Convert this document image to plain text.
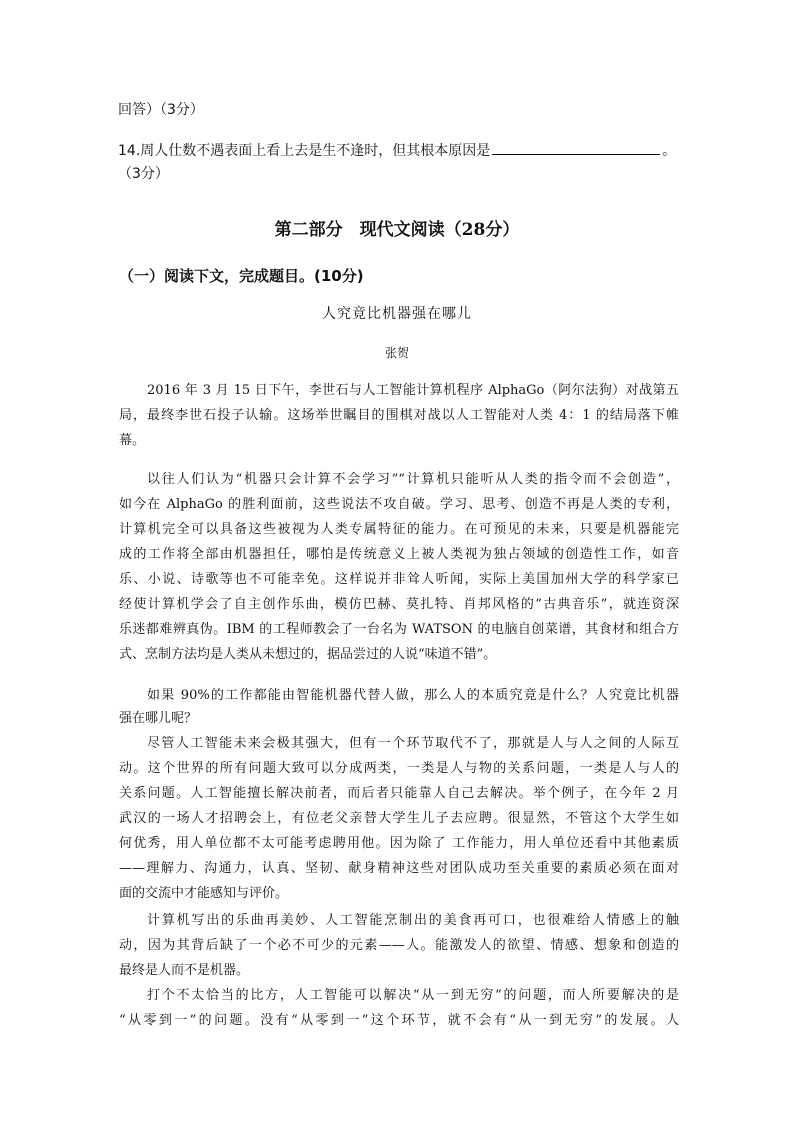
回答）（3分）
14.周人仕数不遇表面上看上去是生不逢时，但其根本原因是	。
（3分）
第二部分　现代文阅读（28分）
（一）阅读下文，完成题目。(10分)
人究竟比机器强在哪儿
张贺
2016 年 3 月 15 日下午，李世石与人工智能计算机程序 AlphaGo（阿尔法狗）对战第五
局，最终李世石投子认输。这场举世瞩目的围棋对战以人工智能对人类 4：1 的结局落下帷
幕。
以往人们认为“机器只会计算不会学习”“计算机只能听从人类的指令而不会创造”，
如今在 AlphaGo 的胜利面前，这些说法不攻自破。学习、思考、创造不再是人类的专利，
计算机完全可以具备这些被视为人类专属特征的能力。在可预见的未来，只要是机器能完
成的工作将全部由机器担任，哪怕是传统意义上被人类视为独占领域的创造性工作，如音
乐、小说、诗歌等也不可能幸免。这样说并非耸人听闻，实际上美国加州大学的科学家已
经使计算机学会了自主创作乐曲，模仿巴赫、莫扎特、肖邦风格的“古典音乐”，就连资深
乐迷都难辨真伪。IBM 的工程师教会了一台名为 WATSON 的电脑自创菜谱，其食材和组合方
式、烹制方法均是人类从未想过的，据品尝过的人说“味道不错”。
如果 90%的工作都能由智能机器代替人做，那么人的本质究竟是什么？人究竟比机器
强在哪儿呢？
尽管人工智能未来会极其强大，但有一个环节取代不了，那就是人与人之间的人际互
动。这个世界的所有问题大致可以分成两类，一类是人与物的关系问题，一类是人与人的
关系问题。人工智能擅长解决前者，而后者只能靠人自己去解决。举个例子，在今年 2 月
武汉的一场人才招聘会上，有位老父亲替大学生儿子去应聘。很显然，不管这个大学生如
何优秀，用人单位都不太可能考虑聘用他。因为除了 工作能力，用人单位还看中其他素质
——理解力、沟通力，认真、坚韧、献身精神这些对团队成功至关重要的素质必须在面对
面的交流中才能感知与评价。
计算机写出的乐曲再美妙、人工智能烹制出的美食再可口，也很难给人情感上的触
动，因为其背后缺了一个必不可少的元素——人。能激发人的欲望、情感、想象和创造的
最终是人而不是机器。
打个不太恰当的比方，人工智能可以解决“从一到无穷”的问题，而人所要解决的是
“从零到一”的问题。没有“从零到一”这个环节，就不会有“从一到无穷”的发展。人
